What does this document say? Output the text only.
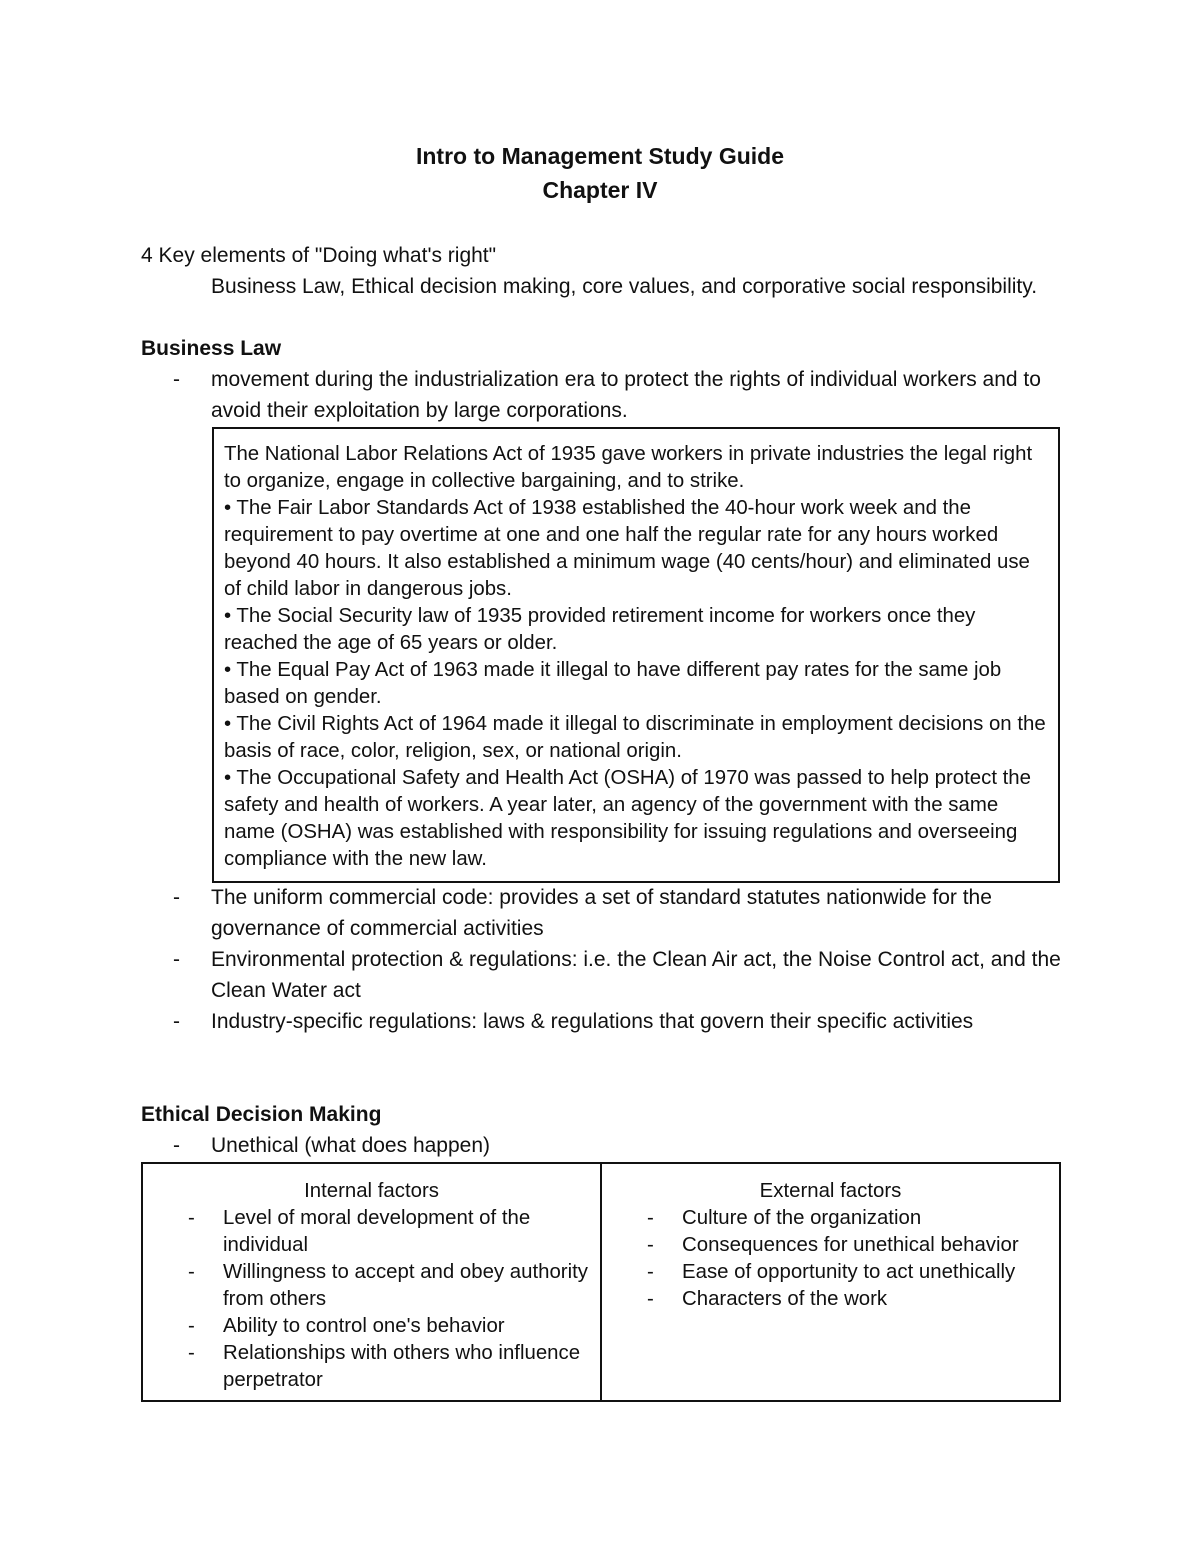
Intro to Management Study Guide
Chapter IV

4 Key elements of "Doing what's right"

Business Law, Ethical decision making, core values, and corporative social responsibility.

Business Law
- movement during the industrialization era to protect the rights of individual workers and to avoid their exploitation by large corporations.

The National Labor Relations Act of 1935 gave workers in private industries the legal right to organize, engage in collective bargaining, and to strike.

• The Fair Labor Standards Act of 1938 established the 40-hour work week and the requirement to pay overtime at one and one half the regular rate for any hours worked beyond 40 hours. It also established a minimum wage (40 cents/hour) and eliminated use of child labor in dangerous jobs.

• The Social Security law of 1935 provided retirement income for workers once they reached the age of 65 years or older.

• The Equal Pay Act of 1963 made it illegal to have different pay rates for the same job based on gender.

• The Civil Rights Act of 1964 made it illegal to discriminate in employment decisions on the basis of race, color, religion, sex, or national origin.

• The Occupational Safety and Health Act (OSHA) of 1970 was passed to help protect the safety and health of workers. A year later, an agency of the government with the same name (OSHA) was established with responsibility for issuing regulations and overseeing compliance with the new law.

- The uniform commercial code: provides a set of standard statutes nationwide for the governance of commercial activities
- Environmental protection & regulations: i.e. the Clean Air act, the Noise Control act, and the Clean Water act
- Industry-specific regulations: laws & regulations that govern their specific activities
Ethical Decision Making
- Unethical (what does happen)

Internal factors

- Level of moral development of the individual
- Willingness to accept and obey authority from others
- Ability to control one's behavior
- Relationships with others who influence perpetrator

External factors

- Culture of the organization
- Consequences for unethical behavior
- Ease of opportunity to act unethically
- Characters of the work
